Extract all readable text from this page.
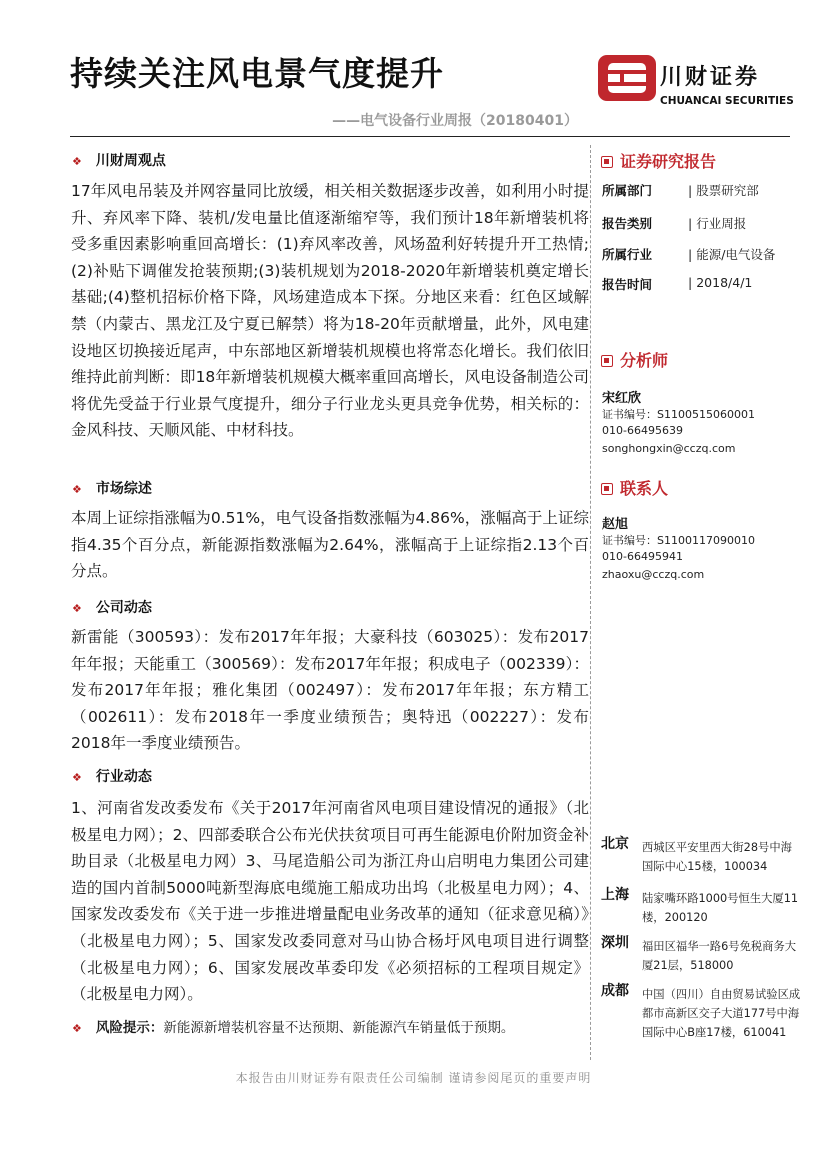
持续关注风电景气度提升
——电气设备行业周报（20180401）
川财证券
CHUANCAI SECURITIES
❖ 川财周观点
17年风电吊装及并网容量同比放缓，相关相关数据逐步改善，如利用小时提升、弃风率下降、装机/发电量比值逐渐缩窄等，我们预计18年新增装机将受多重因素影响重回高增长：(1)弃风率改善，风场盈利好转提升开工热情;(2)补贴下调催发抢装预期;(3)装机规划为2018-2020年新增装机奠定增长基础;(4)整机招标价格下降，风场建造成本下探。分地区来看：红色区域解禁（内蒙古、黑龙江及宁夏已解禁）将为18-20年贡献增量，此外，风电建设地区切换接近尾声，中东部地区新增装机规模也将常态化增长。我们依旧维持此前判断：即18年新增装机规模大概率重回高增长，风电设备制造公司将优先受益于行业景气度提升，细分子行业龙头更具竞争优势，相关标的：金风科技、天顺风能、中材科技。
❖ 市场综述
本周上证综指涨幅为0.51%，电气设备指数涨幅为4.86%，涨幅高于上证综指4.35个百分点，新能源指数涨幅为2.64%，涨幅高于上证综指2.13个百分点。
❖ 公司动态
新雷能（300593）：发布2017年年报；大豪科技（603025）：发布2017年年报；天能重工（300569）：发布2017年年报；积成电子（002339）：发布2017年年报；雅化集团（002497）：发布2017年年报；东方精工（002611）：发布2018年一季度业绩预告；奥特迅（002227）：发布2018年一季度业绩预告。
❖ 行业动态
1、河南省发改委发布《关于2017年河南省风电项目建设情况的通报》（北极星电力网）；2、四部委联合公布光伏扶贫项目可再生能源电价附加资金补助目录（北极星电力网）3、马尾造船公司为浙江舟山启明电力集团公司建造的国内首制5000吨新型海底电缆施工船成功出坞（北极星电力网）；4、国家发改委发布《关于进一步推进增量配电业务改革的通知（征求意见稿）》（北极星电力网）；5、国家发改委同意对马山协合杨圩风电项目进行调整（北极星电力网）；6、国家发展改革委印发《必须招标的工程项目规定》（北极星电力网）。
❖ 风险提示：新能源新增装机容量不达预期、新能源汽车销量低于预期。
证券研究报告
所属部门	| 股票研究部
报告类别	| 行业周报
所属行业	| 能源/电气设备
报告时间	| 2018/4/1
分析师
宋红欣
证书编号：S1100515060001
010-66495639
songhongxin@cczq.com
联系人
赵旭
证书编号：S1100117090010
010-66495941
zhaoxu@cczq.com
北京 西城区平安里西大街28号中海国际中心15楼，100034
上海 陆家嘴环路1000号恒生大厦11楼，200120
深圳 福田区福华一路6号免税商务大厦21层，518000
成都 中国（四川）自由贸易试验区成都市高新区交子大道177号中海国际中心B座17楼，610041
本报告由川财证券有限责任公司编制 谨请参阅尾页的重要声明
